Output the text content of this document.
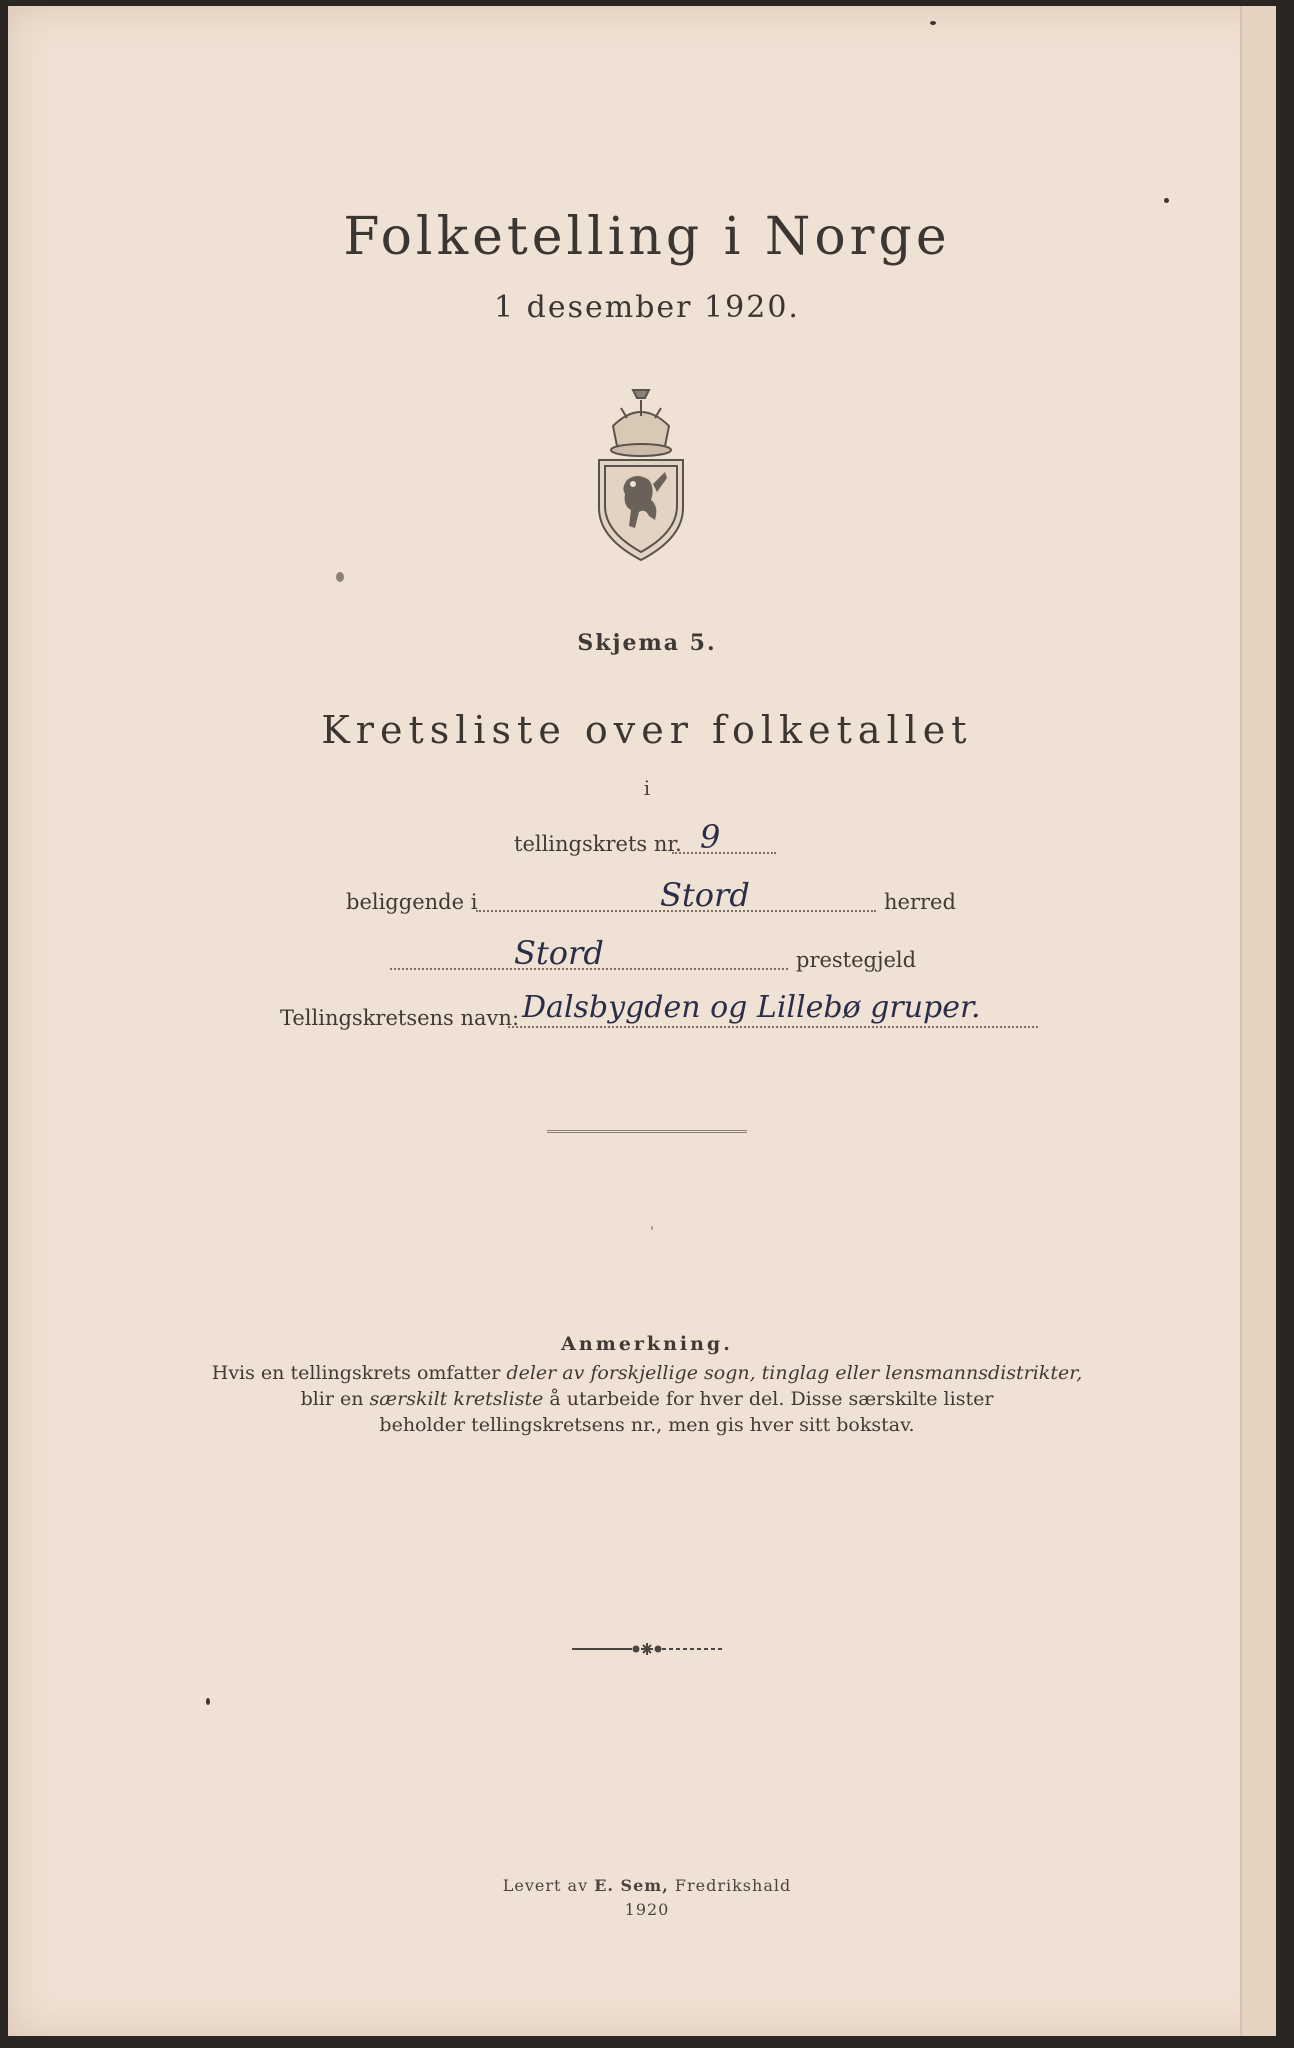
Folketelling i Norge
1 desember 1920.
Skjema 5.
Kretsliste over folketallet
i
tellingskrets nr. 9
beliggende i	Stord	herred
Stord	prestegjeld
Tellingskretsens navn: Dalsbygden og Lillebø gruper.
ˌ
Anmerkning.
Hvis en tellingskrets omfatter deler av forskjellige sogn, tinglag eller lensmannsdistrikter,
blir en særskilt kretsliste å utarbeide for hver del. Disse særskilte lister
beholder tellingskretsens nr., men gis hver sitt bokstav.
Levert av E. Sem, Fredrikshald
1920
